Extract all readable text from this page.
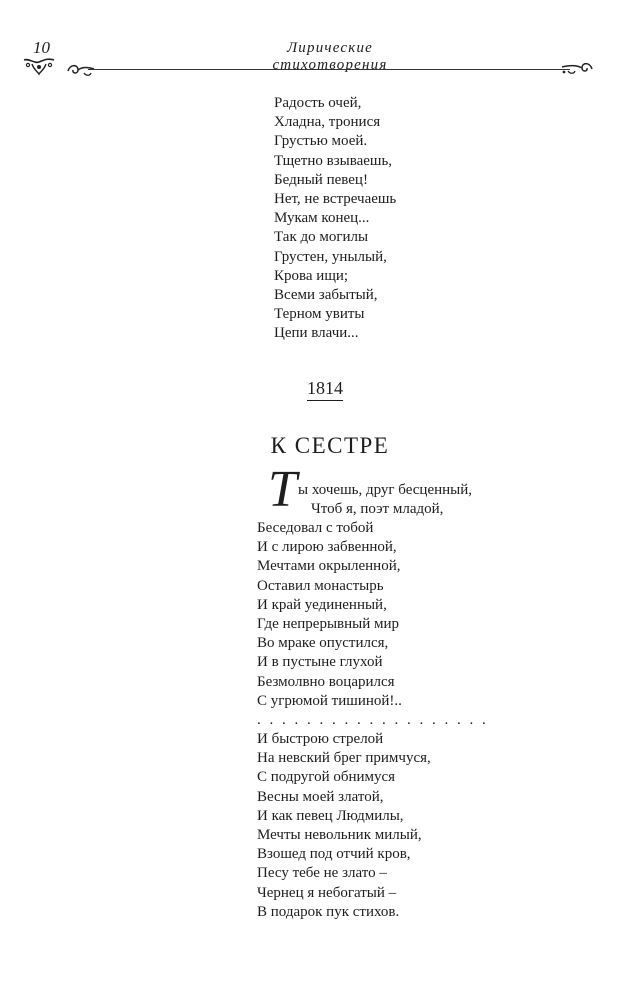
10	Лирические стихотворения
Радость очей,
Хладна, тронися
Грустью моей.
Тщетно взываешь,
Бедный певец!
Нет, не встречаешь
Мукам конец...
Так до могилы
Грустен, унылый,
Крова ищи;
Всеми забытый,
Терном увиты
Цепи влачи...
1814
К СЕСТРЕ
Т ы хочешь, друг бесценный,
Чтоб я, поэт младой,
Беседовал с тобой
И с лирою забвенной,
Мечтами окрыленной,
Оставил монастырь
И край уединенный,
Где непрерывный мир
Во мраке опустился,
И в пустыне глухой
Безмолвно воцарился
С угрюмой тишиной!..
. . . . . . . . . . . . . . . . . . .
И быстрою стрелой
На невский брег примчуся,
С подругой обнимуся
Весны моей златой,
И как певец Людмилы,
Мечты невольник милый,
Взошед под отчий кров,
Песу тебе не злато –
Чернец я небогатый –
В подарок пук стихов.
